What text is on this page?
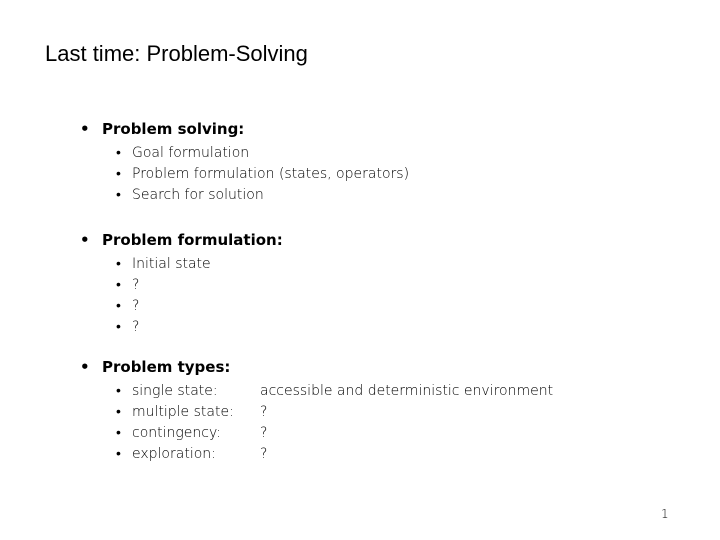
Last time: Problem-Solving
• Problem solving:
• Goal formulation
• Problem formulation (states, operators)
• Search for solution
• Problem formulation:
• Initial state
• ?
• ?
• ?
• Problem types:
• single state:	accessible and deterministic environment
• multiple state: ?
• contingency:	?
• exploration:	?
1
